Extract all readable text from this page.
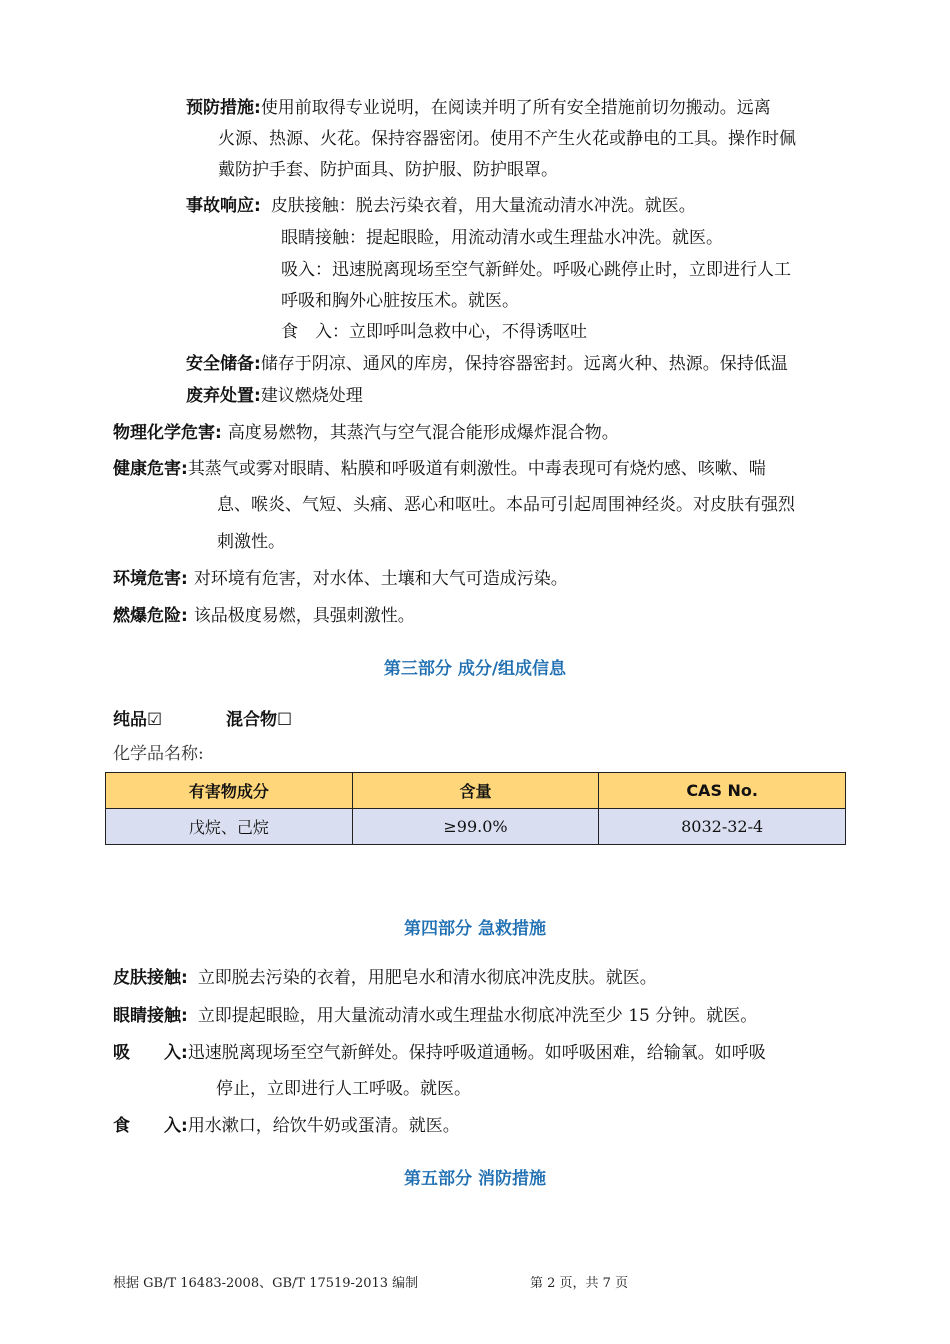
预防措施:使用前取得专业说明，在阅读并明了所有安全措施前切勿搬动。远离
火源、热源、火花。保持容器密闭。使用不产生火花或静电的工具。操作时佩
戴防护手套、防护面具、防护服、防护眼罩。
事故响应: 皮肤接触：脱去污染衣着，用大量流动清水冲洗。就医。
眼睛接触：提起眼睑，用流动清水或生理盐水冲洗。就医。
吸入：迅速脱离现场至空气新鲜处。呼吸心跳停止时，立即进行人工
呼吸和胸外心脏按压术。就医。
食　入：立即呼叫急救中心，不得诱呕吐
安全储备:储存于阴凉、通风的库房，保持容器密封。远离火种、热源。保持低温
废弃处置:建议燃烧处理
物理化学危害: 高度易燃物，其蒸汽与空气混合能形成爆炸混合物。
健康危害:其蒸气或雾对眼睛、粘膜和呼吸道有刺激性。中毒表现可有烧灼感、咳嗽、喘
息、喉炎、气短、头痛、恶心和呕吐。本品可引起周围神经炎。对皮肤有强烈
刺激性。
环境危害: 对环境有危害，对水体、土壤和大气可造成污染。
燃爆危险: 该品极度易燃，具强刺激性。
第三部分 成分/组成信息
纯品☑	混合物☐
化学品名称:
有害物成分	含量	CAS No.
戊烷、己烷	≥99.0%	8032-32-4
第四部分 急救措施
皮肤接触: 立即脱去污染的衣着，用肥皂水和清水彻底冲洗皮肤。就医。
眼睛接触: 立即提起眼睑，用大量流动清水或生理盐水彻底冲洗至少 15 分钟。就医。
吸　　入:迅速脱离现场至空气新鲜处。保持呼吸道通畅。如呼吸困难，给输氧。如呼吸
停止，立即进行人工呼吸。就医。
食　　入:用水漱口，给饮牛奶或蛋清。就医。
第五部分 消防措施
根据 GB/T 16483-2008、GB/T 17519-2013 编制	第 2 页，共 7 页
